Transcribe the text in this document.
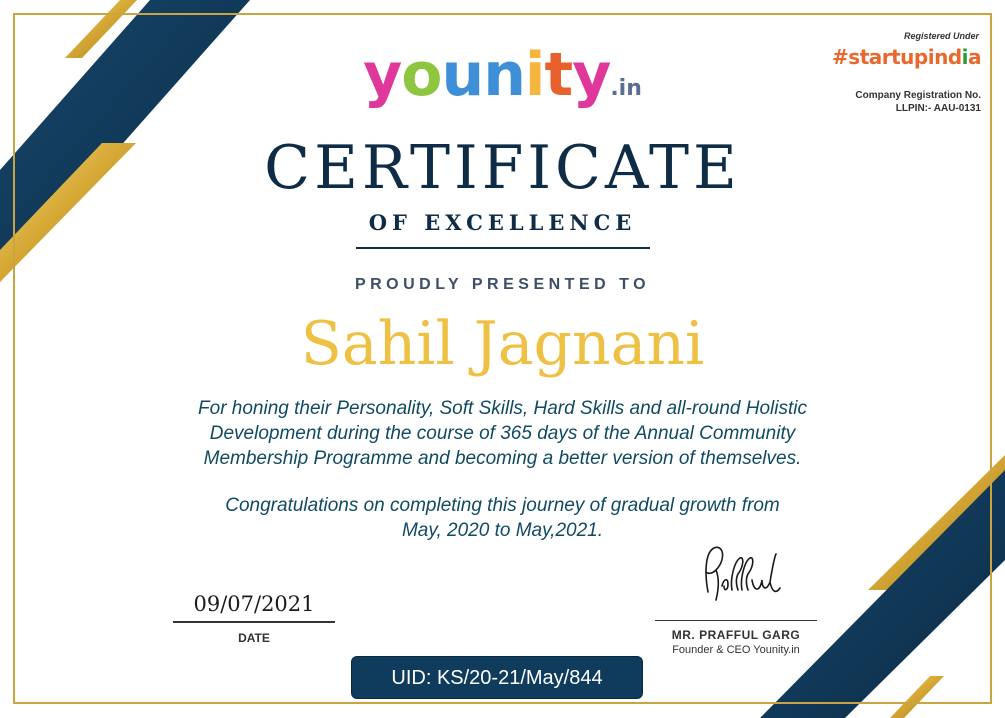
younity.in
Registered Under
#startupindia
Company Registration No.
LLPIN:- AAU-0131
CERTIFICATE
OF EXCELLENCE
PROUDLY PRESENTED TO
Sahil Jagnani
For honing their Personality, Soft Skills, Hard Skills and all-round Holistic
Development during the course of 365 days of the Annual Community
Membership Programme and becoming a better version of themselves.
Congratulations on completing this journey of gradual growth from
May, 2020 to May,2021.
09/07/2021
DATE	MR. PRAFFUL GARG
Founder & CEO Younity.in
UID: KS/20-21/May/844
